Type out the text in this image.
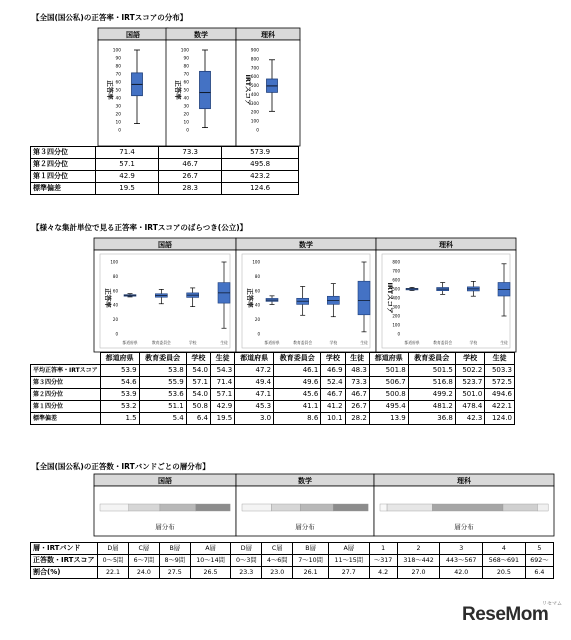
【全国(国公私)の正答率・IRTスコアの分布】
国語
0
10
20
30
40
50
60
70
80
90
100
正答率
数学
0
10
20
30
40
50
60
70
80
90
100
正答率
理科
0
100
200
300
400
500
600
700
800
900
IRTスコア
第３四分位	71.4	73.3	573.9
第２四分位	57.1	46.7	495.8
第１四分位	42.9	26.7	423.2
標準偏差	19.5	28.3	124.6
【様々な集計単位で見る正答率・IRTスコアのばらつき(公立)】
国語
0
20
40
60
80
100
正答率
都道府県	教育委員会	学校	生徒
数学
0
20
40
60
80
100
正答率
都道府県	教育委員会	学校	生徒
理科
0
100
200
300
400
500
600
700
800
IRTスコア
都道府県	教育委員会	学校	生徒
	都道府県	教育委員会	学校	生徒	都道府県	教育委員会	学校	生徒	都道府県	教育委員会	学校	生徒
平均正答率・IRTスコア	53.9	53.8	54.0	54.3	47.2	46.1	46.9	48.3	501.8	501.5	502.2	503.3
第３四分位	54.6	55.9	57.1	71.4	49.4	49.6	52.4	73.3	506.7	516.8	523.7	572.5
第２四分位	53.9	53.6	54.0	57.1	47.1	45.6	46.7	46.7	500.8	499.2	501.0	494.6
第１四分位	53.2	51.1	50.8	42.9	45.3	41.1	41.2	26.7	495.4	481.2	478.4	422.1
標準偏差	1.5	5.4	6.4	19.5	3.0	8.6	10.1	28.2	13.9	36.8	42.3	124.0
【全国(国公私)の正答数・IRTバンドごとの層分布】
国語
層分布
数学
層分布
理科
層分布
層・IRTバンド	D層	C層	B層	A層	D層	C層	B層	A層	1	2	3	4	5
正答数・IRTスコア	0～5問	6～7問	8～9問	10～14問	0～3問	4～6問	7～10問	11～15問	～317	318～442	443～567	568～691	692～
割合(%)	22.1	24.0	27.5	26.5	23.3	23.0	26.1	27.7	4.2	27.0	42.0	20.5	6.4
ReseMom
リセマム
